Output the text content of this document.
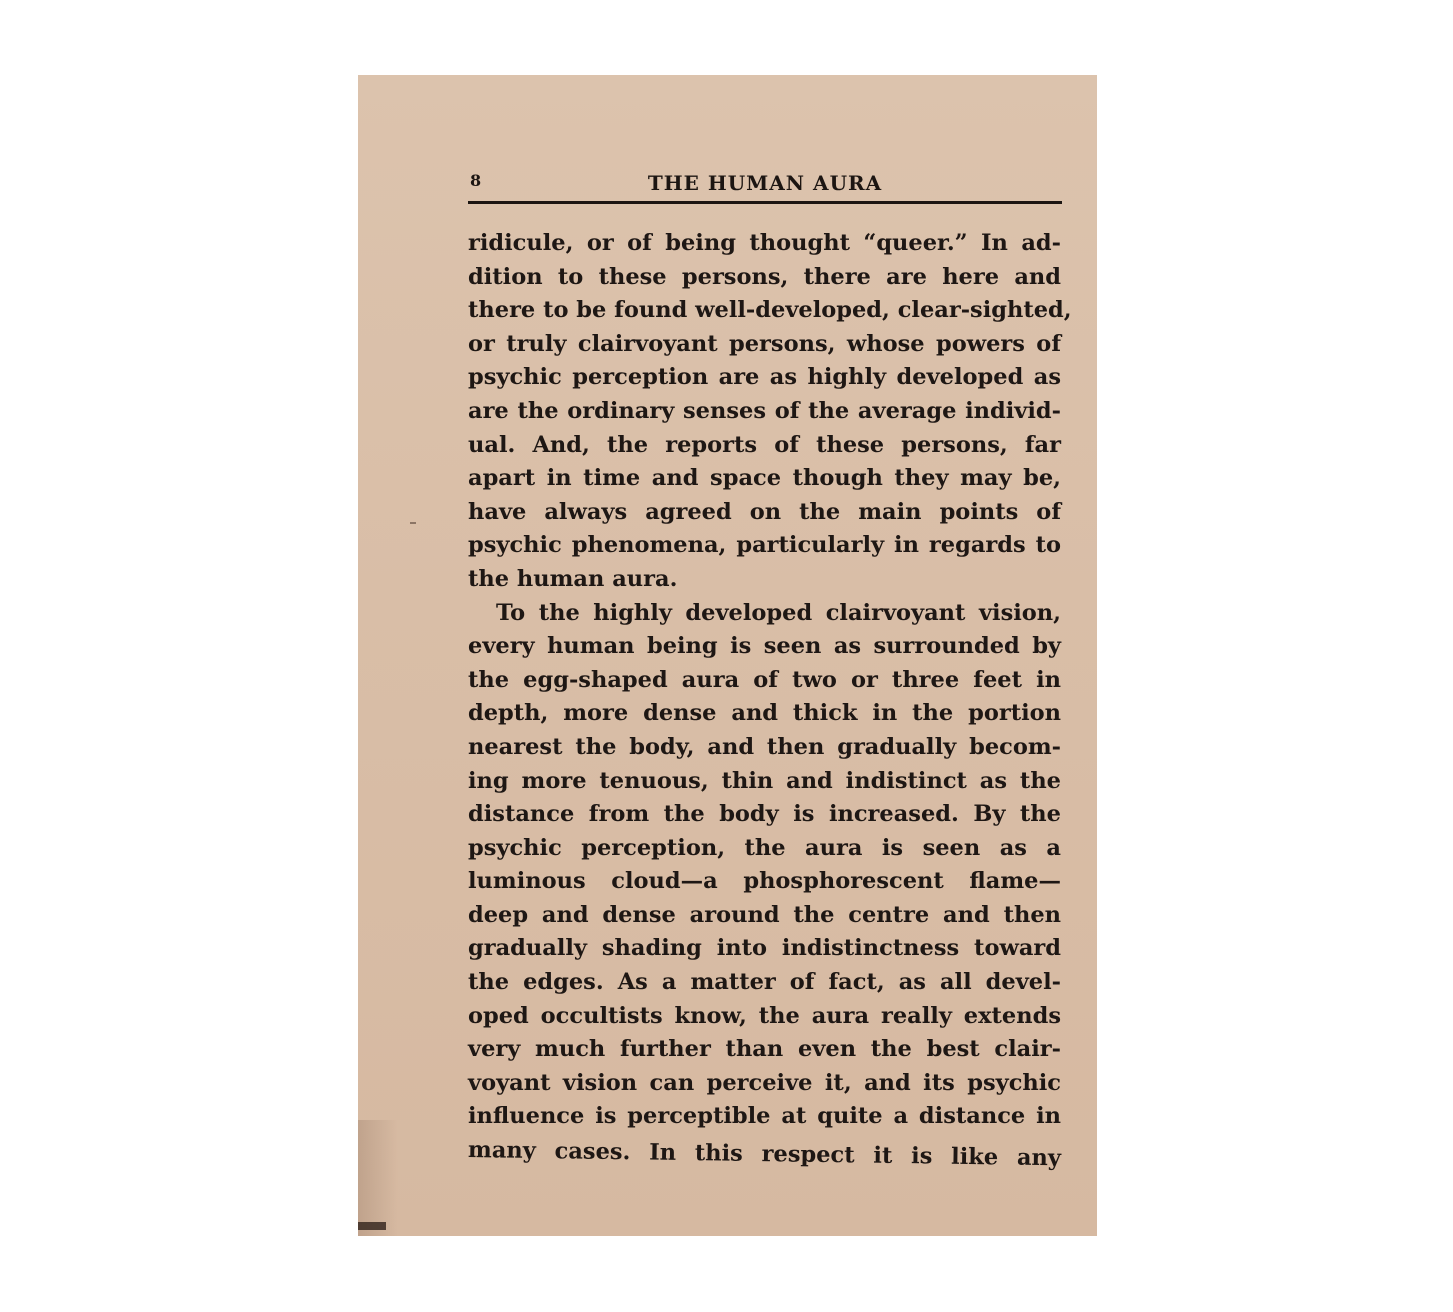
8	THE HUMAN AURA
ridicule, or of being thought “queer.” In ad-
dition to these persons, there are here and
there to be found well-developed, clear-sighted,
or truly clairvoyant persons, whose powers of
psychic perception are as highly developed as
are the ordinary senses of the average individ-
ual. And, the reports of these persons, far
apart in time and space though they may be,
have always agreed on the main points of
psychic phenomena, particularly in regards to
the human aura.
To the highly developed clairvoyant vision,
every human being is seen as surrounded by
the egg-shaped aura of two or three feet in
depth, more dense and thick in the portion
nearest the body, and then gradually becom-
ing more tenuous, thin and indistinct as the
distance from the body is increased. By the
psychic perception, the aura is seen as a
luminous cloud—a phosphorescent flame—
deep and dense around the centre and then
gradually shading into indistinctness toward
the edges. As a matter of fact, as all devel-
oped occultists know, the aura really extends
very much further than even the best clair-
voyant vision can perceive it, and its psychic
influence is perceptible at quite a distance in
many cases. In this respect it is like any
